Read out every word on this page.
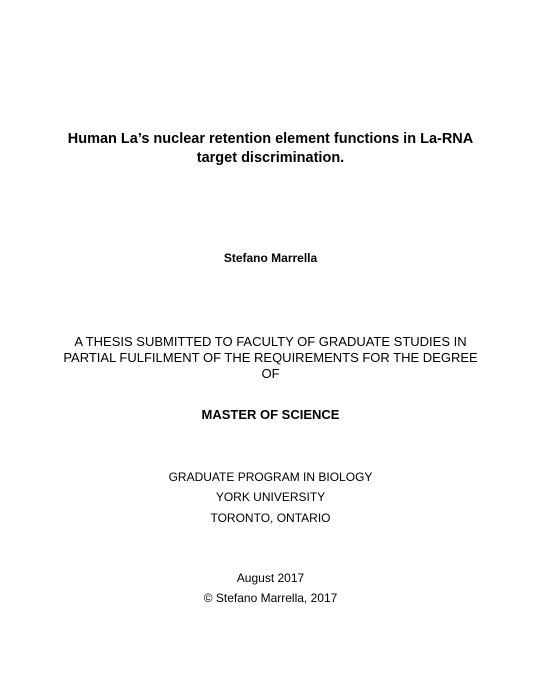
Human La’s nuclear retention element functions in La-RNA
target discrimination.
Stefano Marrella
A THESIS SUBMITTED TO FACULTY OF GRADUATE STUDIES IN
PARTIAL FULFILMENT OF THE REQUIREMENTS FOR THE DEGREE
OF
MASTER OF SCIENCE
GRADUATE PROGRAM IN BIOLOGY
YORK UNIVERSITY
TORONTO, ONTARIO
August 2017
© Stefano Marrella, 2017
